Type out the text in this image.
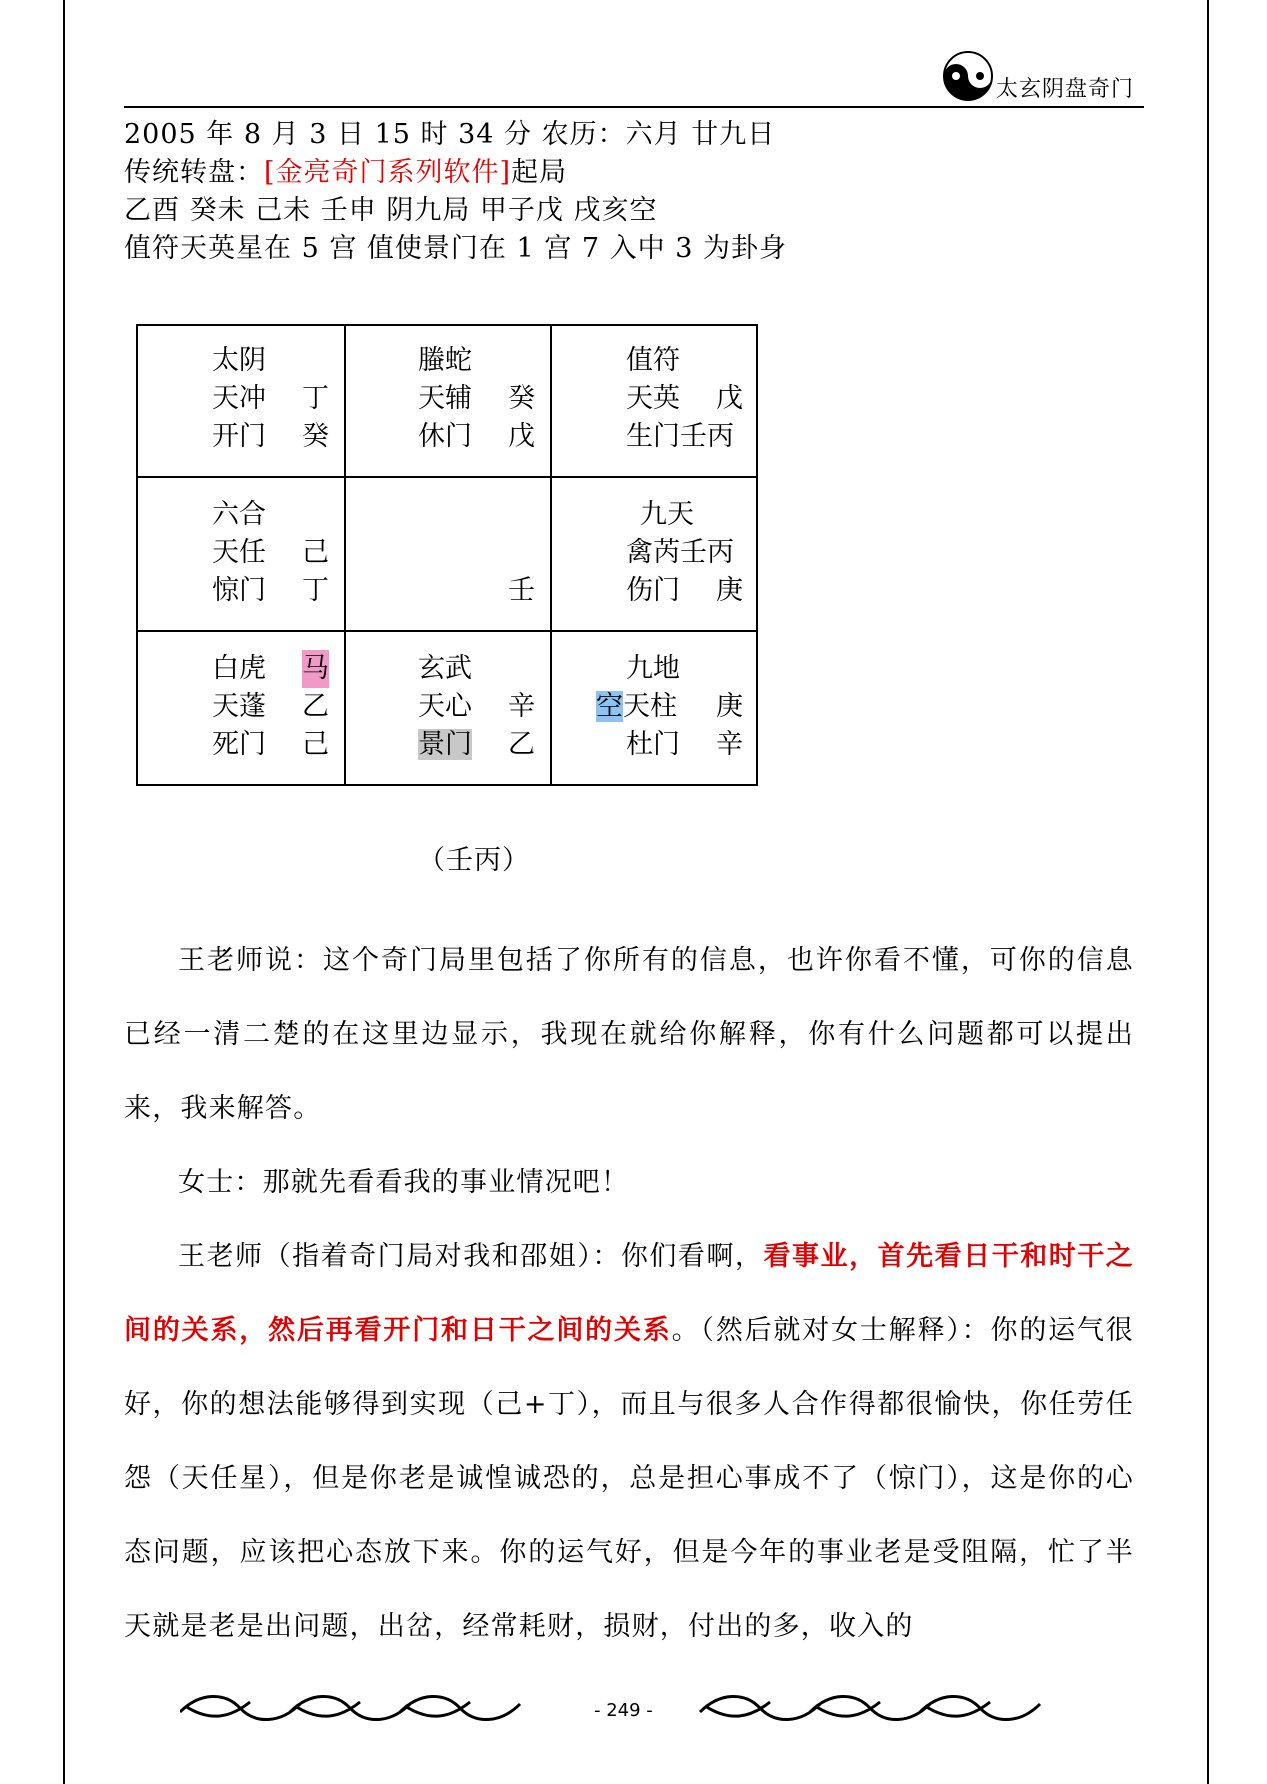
太玄阴盘奇门
2005 年 8 月 3 日 15 时 34 分 农历：六月 廿九日
传统转盘：[金亮奇门系列软件]起局
乙酉 癸未 己未 壬申 阴九局 甲子戊 戌亥空
值符天英星在 5 宫 值使景门在 1 宫 7 入中 3 为卦身
太阴
天冲 丁
开门 癸
螣蛇
天辅 癸
休门 戊
值符
天英 戊
生门壬丙
六合
天任 己
惊门 丁	壬
九天
禽芮壬丙
伤门 庚
白虎 马
天蓬 乙
死门 己
玄武
天心 辛
景门 乙
九地
空天柱 庚
杜门 辛
（壬丙）

王老师说：这个奇门局里包括了你所有的信息，也许你看不懂，可你的信息已经一清二楚的在这里边显示，我现在就给你解释，你有什么问题都可以提出来，我来解答。

女士：那就先看看我的事业情况吧！

王老师（指着奇门局对我和邵姐）：你们看啊，看事业，首先看日干和时干之间的关系，然后再看开门和日干之间的关系。（然后就对女士解释）：你的运气很好，你的想法能够得到实现（己+丁），而且与很多人合作得都很愉快，你任劳任怨（天任星），但是你老是诚惶诚恐的，总是担心事成不了（惊门），这是你的心态问题，应该把心态放下来。你的运气好，但是今年的事业老是受阻隔，忙了半天就是老是出问题，出岔，经常耗财，损财，付出的多，收入的

- 249 -
